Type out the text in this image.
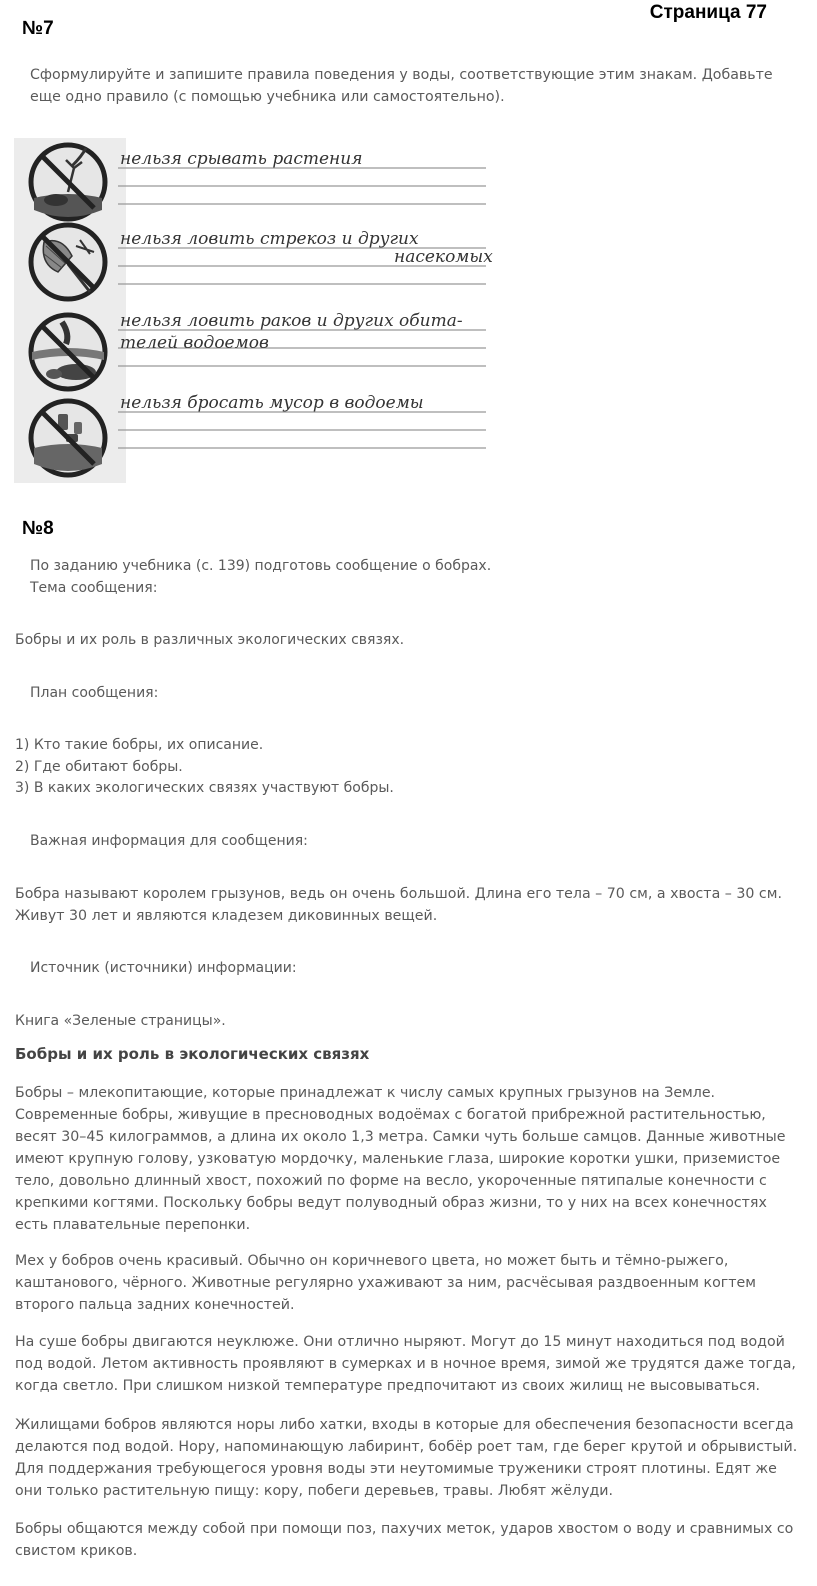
Страница 77
№7
Сформулируйте и запишите правила поведения у воды, соответствующие этим знакам. Добавьте еще одно правило (с помощью учебника или самостоятельно).
нельзя срывать растения
нельзя ловить стрекоз и других
насекомых
нельзя ловить раков и других обита-
телей водоемов
нельзя бросать мусор в водоемы
№8
По заданию учебника (с. 139) подготовь сообщение о бобрах.
Тема сообщения:
Бобры и их роль в различных экологических связях.
План сообщения:
1) Кто такие бобры, их описание.
2) Где обитают бобры.
3) В каких экологических связях участвуют бобры.
Важная информация для сообщения:
Бобра называют королем грызунов, ведь он очень большой. Длина его тела – 70 см, а хвоста – 30 см. Живут 30 лет и являются кладезем диковинных вещей.
Источник (источники) информации:
Книга «Зеленые страницы».
Бобры и их роль в экологических связях
Бобры – млекопитающие, которые принадлежат к числу самых крупных грызунов на Земле. Современные бобры, живущие в пресноводных водоёмах с богатой прибрежной растительностью, весят 30–45 килограммов, а длина их около 1,3 метра. Самки чуть больше самцов. Данные животные имеют крупную голову, узковатую мордочку, маленькие глаза, широкие коротки ушки, приземистое тело, довольно длинный хвост, похожий по форме на весло, укороченные пятипалые конечности с крепкими когтями. Поскольку бобры ведут полуводный образ жизни, то у них на всех конечностях есть плавательные перепонки.
Мех у бобров очень красивый. Обычно он коричневого цвета, но может быть и тёмно-рыжего, каштанового, чёрного. Животные регулярно ухаживают за ним, расчёсывая раздвоенным когтем второго пальца задних конечностей.
На суше бобры двигаются неуклюже. Они отлично ныряют. Могут до 15 минут находиться под водой под водой. Летом активность проявляют в сумерках и в ночное время, зимой же трудятся даже тогда, когда светло. При слишком низкой температуре предпочитают из своих жилищ не высовываться.
Жилищами бобров являются норы либо хатки, входы в которые для обеспечения безопасности всегда делаются под водой. Нору, напоминающую лабиринт, бобёр роет там, где берег крутой и обрывистый. Для поддержания требующегося уровня воды эти неутомимые труженики строят плотины. Едят же они только растительную пищу: кору, побеги деревьев, травы. Любят жёлуди.
Бобры общаются между собой при помощи поз, пахучих меток, ударов хвостом о воду и сравнимых со свистом криков.
